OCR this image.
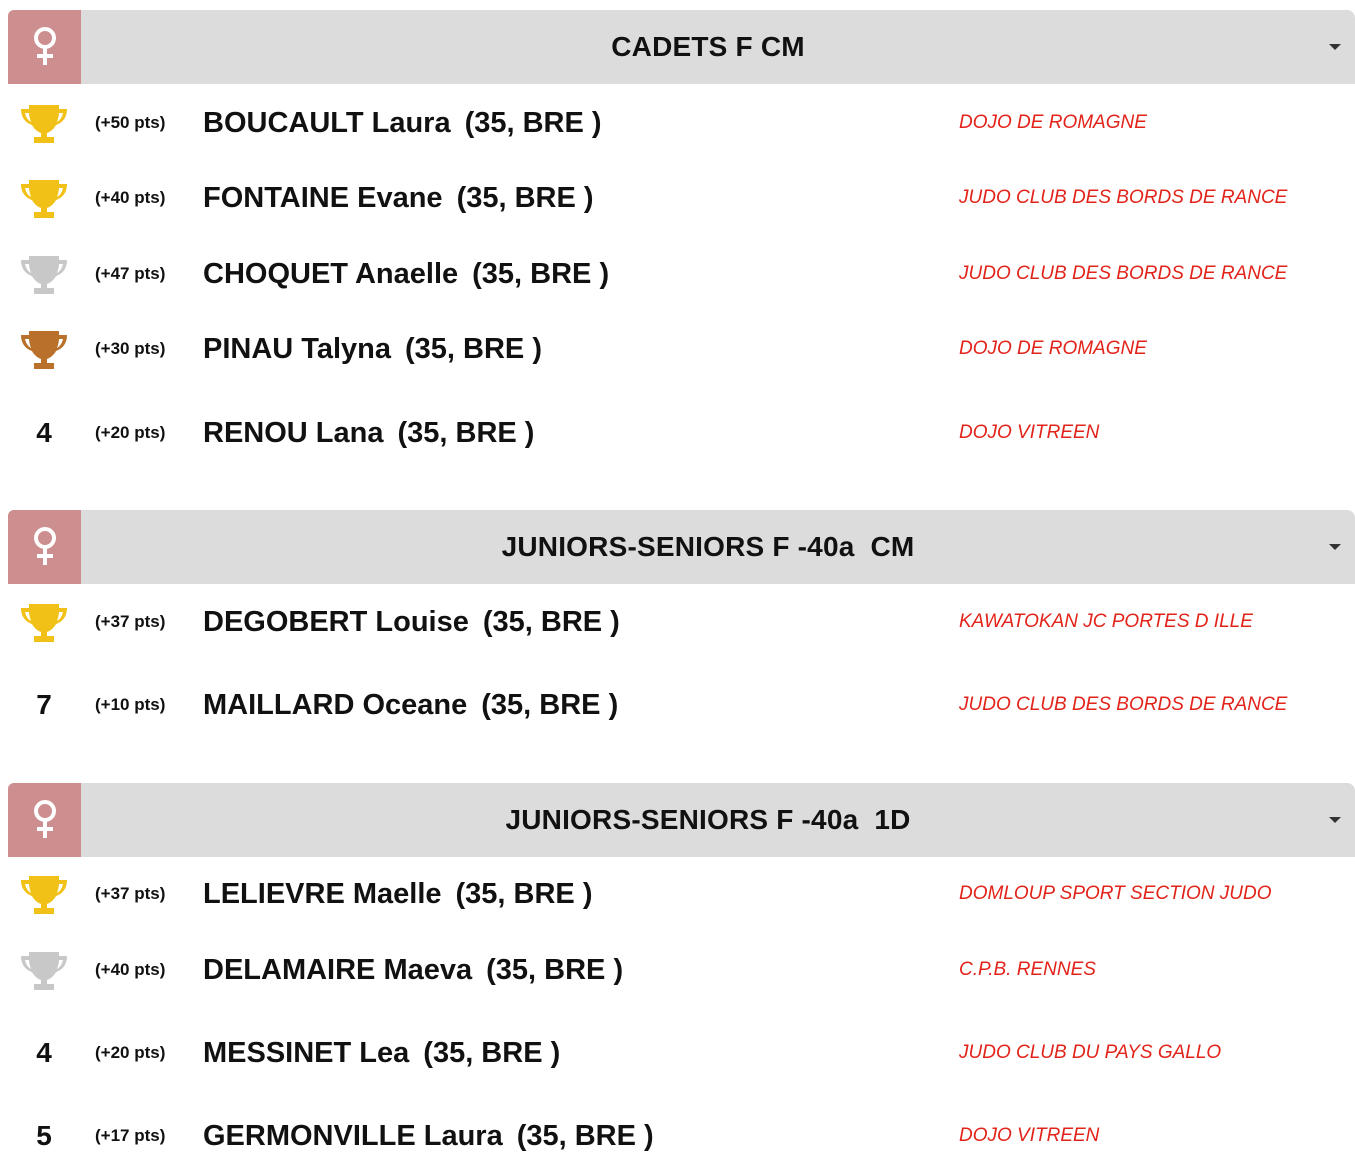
CADETS F CM
(+50 pts) BOUCAULT Laura (35, BRE )	DOJO DE ROMAGNE
(+40 pts) FONTAINE Evane (35, BRE )	JUDO CLUB DES BORDS DE RANCE
(+47 pts) CHOQUET Anaelle (35, BRE )	JUDO CLUB DES BORDS DE RANCE
(+30 pts) PINAU Talyna (35, BRE )	DOJO DE ROMAGNE
4	(+20 pts) RENOU Lana (35, BRE )	DOJO VITREEN
JUNIORS-SENIORS F -40a  CM
(+37 pts) DEGOBERT Louise (35, BRE )	KAWATOKAN JC PORTES D ILLE
7	(+10 pts) MAILLARD Oceane (35, BRE )	JUDO CLUB DES BORDS DE RANCE
JUNIORS-SENIORS F -40a  1D
(+37 pts) LELIEVRE Maelle (35, BRE )	DOMLOUP SPORT SECTION JUDO
(+40 pts) DELAMAIRE Maeva (35, BRE )	C.P.B. RENNES
4	(+20 pts) MESSINET Lea (35, BRE )	JUDO CLUB DU PAYS GALLO
5	(+17 pts) GERMONVILLE Laura (35, BRE )	DOJO VITREEN
